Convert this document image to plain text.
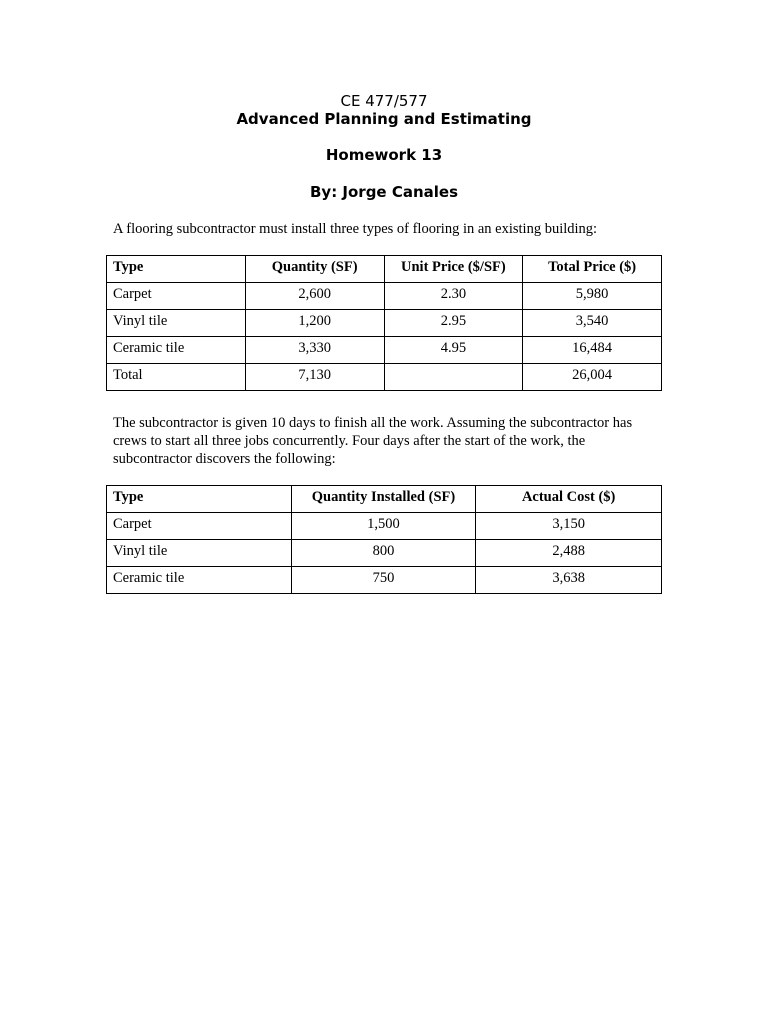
CE 477/577

Advanced Planning and Estimating

Homework 13

By: Jorge Canales

A flooring subcontractor must install three types of flooring in an existing building:

Type	Quantity (SF)	Unit Price ($/SF)	Total Price ($)
Carpet	2,600	2.30	5,980
Vinyl tile	1,200	2.95	3,540
Ceramic tile	3,330	4.95	16,484
Total	7,130		26,004

The subcontractor is given 10 days to finish all the work. Assuming the subcontractor has crews to start all three jobs concurrently. Four days after the start of the work, the subcontractor discovers the following:

Type	Quantity Installed (SF)	Actual Cost ($)
Carpet	1,500	3,150
Vinyl tile	800	2,488
Ceramic tile	750	3,638
